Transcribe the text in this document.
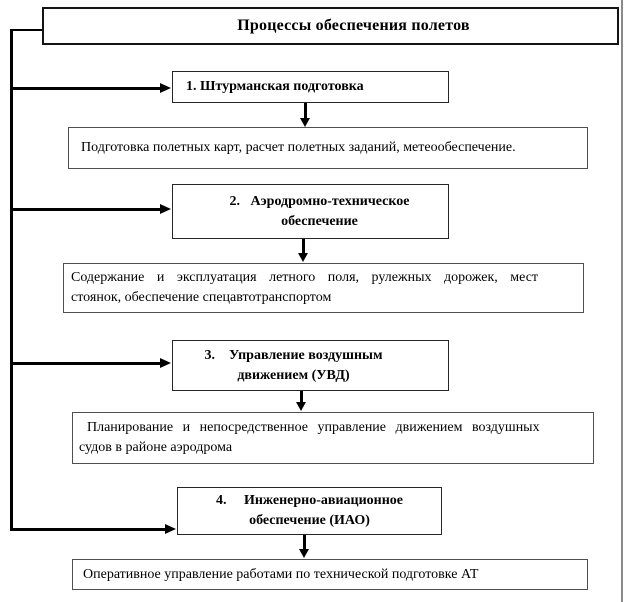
Процессы обеспечения полетов
1. Штурманская подготовка
Подготовка полетных карт, расчет полетных заданий, метеообеспечение.
2.   Аэродромно-техническое
обеспечение
Содержание и эксплуатация летного поля, рулежных дорожек, мест
стоянок, обеспечение спецавтотранспортом
3.    Управление воздушным
движением (УВД)
Планирование и непосредственное управление движением воздушных
судов в районе аэродрома
4.     Инженерно-авиационное
обеспечение (ИАО)
Оперативное управление работами по технической подготовке АТ
